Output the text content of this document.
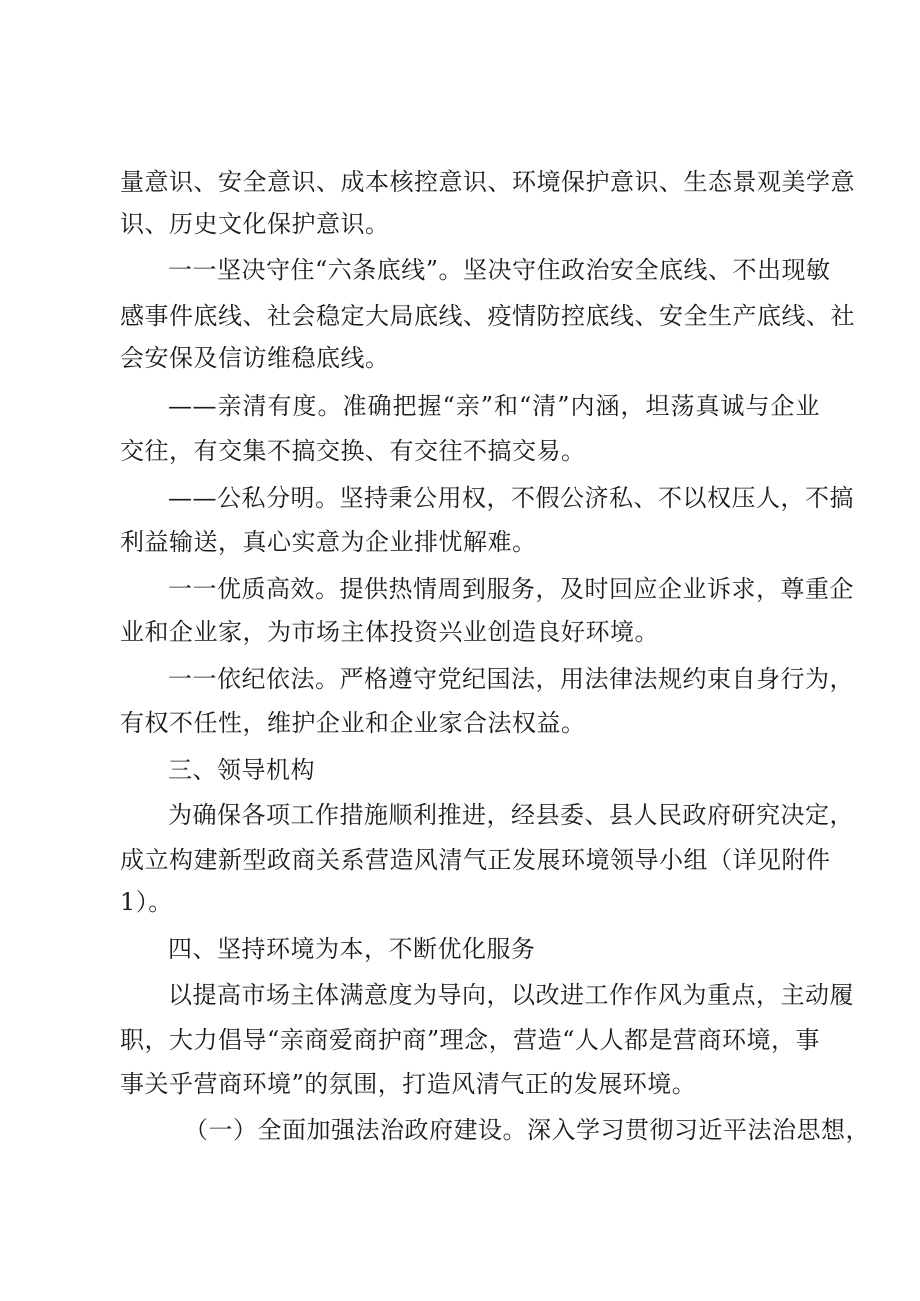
量意识、安全意识、成本核控意识、环境保护意识、生态景观美学意
识、历史文化保护意识。
一一坚决守住“六条底线”。坚决守住政治安全底线、不出现敏
感事件底线、社会稳定大局底线、疫情防控底线、安全生产底线、社
会安保及信访维稳底线。
——亲清有度。准确把握“亲”和“清”内涵，坦荡真诚与企业
交往，有交集不搞交换、有交往不搞交易。
——公私分明。坚持秉公用权，不假公济私、不以权压人，不搞
利益输送，真心实意为企业排忧解难。
一一优质高效。提供热情周到服务，及时回应企业诉求，尊重企
业和企业家，为市场主体投资兴业创造良好环境。
一一依纪依法。严格遵守党纪国法，用法律法规约束自身行为，
有权不任性，维护企业和企业家合法权益。
三、领导机构
为确保各项工作措施顺利推进，经县委、县人民政府研究决定，
成立构建新型政商关系营造风清气正发展环境领导小组（详见附件
1）。
四、坚持环境为本，不断优化服务
以提高市场主体满意度为导向，以改进工作作风为重点，主动履
职，大力倡导“亲商爱商护商”理念，营造“人人都是营商环境，事
事关乎营商环境”的氛围，打造风清气正的发展环境。
（一）全面加强法治政府建设。深入学习贯彻习近平法治思想，
